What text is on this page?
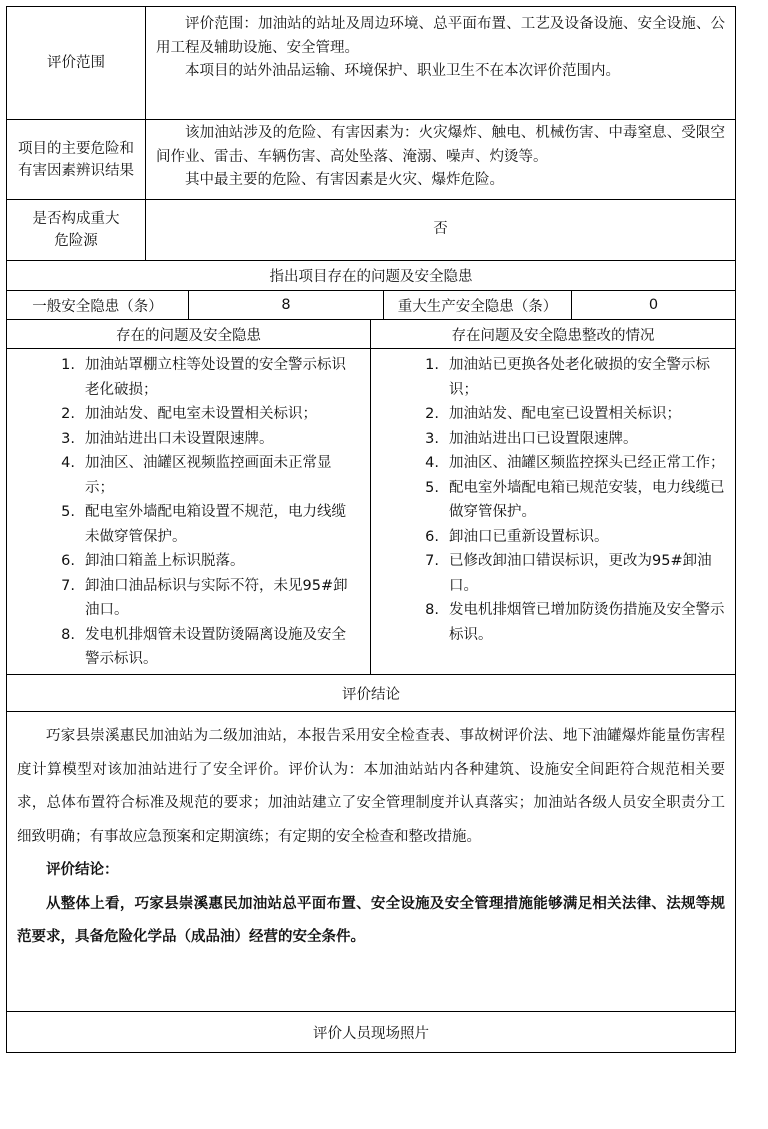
评价范围
评价范围：加油站的站址及周边环境、总平面布置、工艺及设备设施、安全设施、公用工程及辅助设施、安全管理。
本项目的站外油品运输、环境保护、职业卫生不在本次评价范围内。
项目的主要危险和有害因素辨识结果
该加油站涉及的危险、有害因素为：火灾爆炸、触电、机械伤害、中毒窒息、受限空间作业、雷击、车辆伤害、高处坠落、淹溺、噪声、灼烫等。
其中最主要的危险、有害因素是火灾、爆炸危险。
是否构成重大危险源
否
指出项目存在的问题及安全隐患
一般安全隐患（条）	8	重大生产安全隐患（条）	0
存在的问题及安全隐患	存在问题及安全隐患整改的情况
1. 加油站罩棚立柱等处设置的安全警示标识老化破损；
2. 加油站发、配电室未设置相关标识；
3. 加油站进出口未设置限速牌。
4. 加油区、油罐区视频监控画面未正常显示；
5. 配电室外墙配电箱设置不规范，电力线缆未做穿管保护。
6. 卸油口箱盖上标识脱落。
7. 卸油口油品标识与实际不符，未见95#卸油口。
8. 发电机排烟管未设置防烫隔离设施及安全警示标识。
1. 加油站已更换各处老化破损的安全警示标识；
2. 加油站发、配电室已设置相关标识；
3. 加油站进出口已设置限速牌。
4. 加油区、油罐区频监控探头已经正常工作；
5. 配电室外墙配电箱已规范安装，电力线缆已做穿管保护。
6. 卸油口已重新设置标识。
7. 已修改卸油口错误标识，更改为95#卸油口。
8. 发电机排烟管已增加防烫伤措施及安全警示标识。
评价结论

巧家县崇溪惠民加油站为二级加油站，本报告采用安全检查表、事故树评价法、地下油罐爆炸能量伤害程度计算模型对该加油站进行了安全评价。评价认为：本加油站站内各种建筑、设施安全间距符合规范相关要求，总体布置符合标准及规范的要求；加油站建立了安全管理制度并认真落实；加油站各级人员安全职责分工细致明确；有事故应急预案和定期演练；有定期的安全检查和整改措施。

评价结论：

从整体上看，巧家县崇溪惠民加油站总平面布置、安全设施及安全管理措施能够满足相关法律、法规等规范要求，具备危险化学品（成品油）经营的安全条件。

评价人员现场照片
